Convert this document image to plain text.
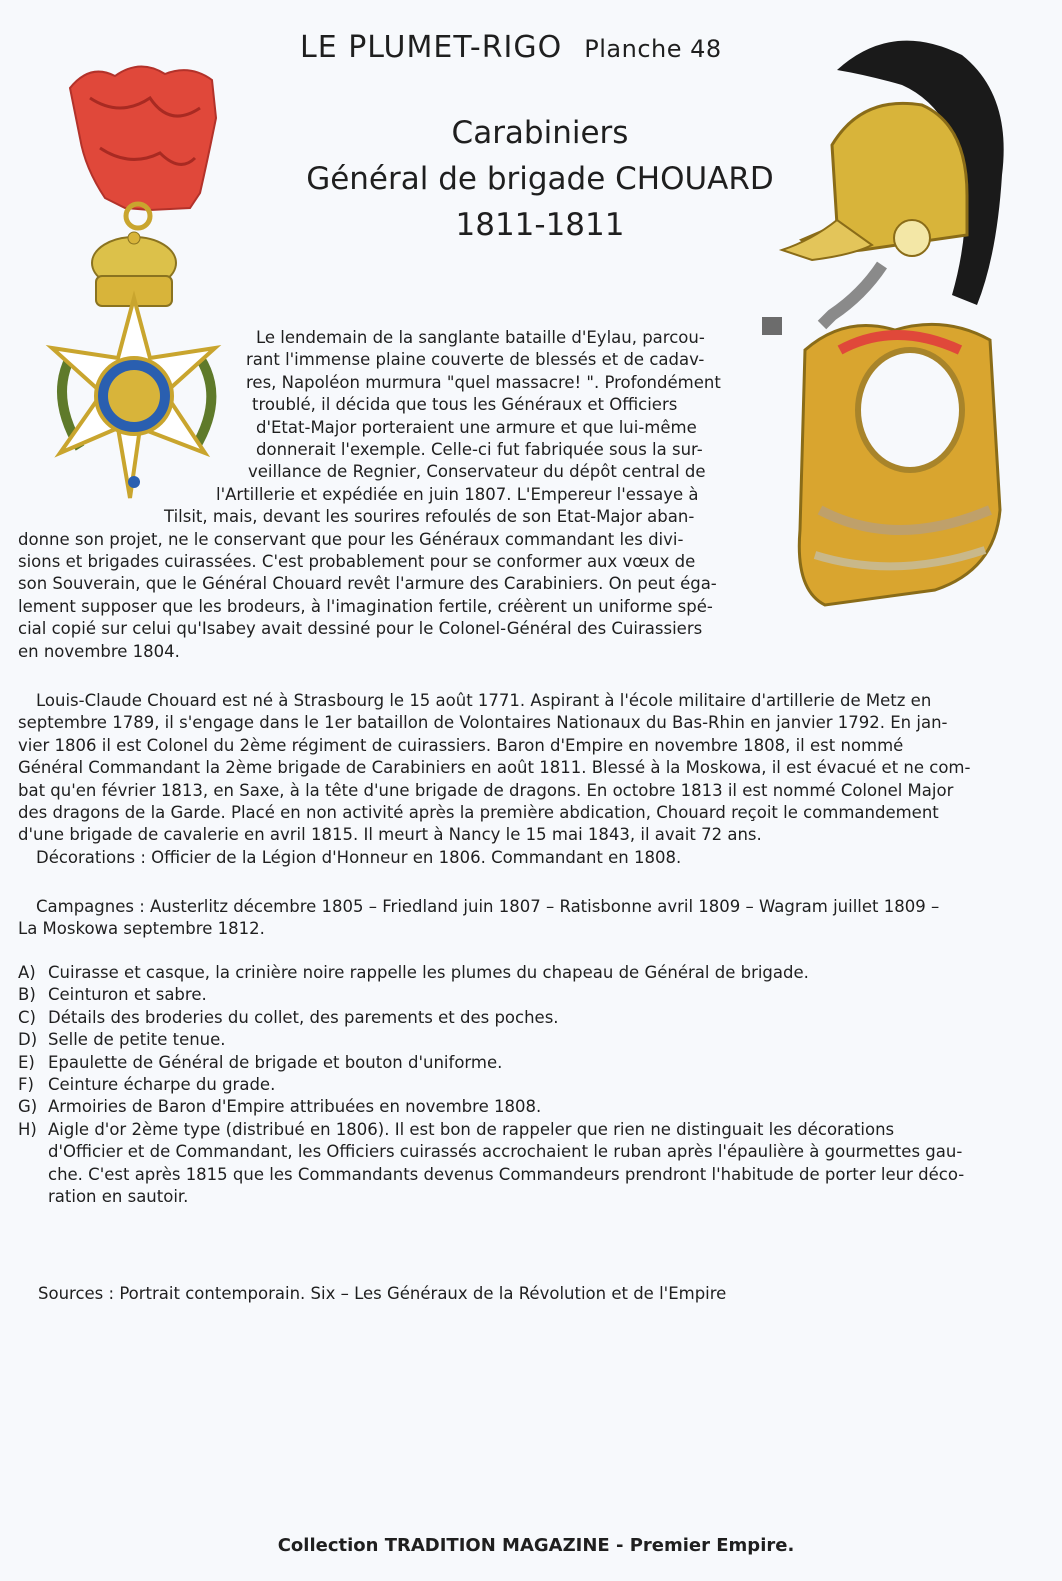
LE PLUMET-RIGO Planche 48
Carabiniers
Général de brigade CHOUARD
1811-1811
Le lendemain de la sanglante bataille d'Eylau, parcou-
rant l'immense plaine couverte de blessés et de cadav-
res, Napoléon murmura "quel massacre! ". Profondément
troublé, il décida que tous les Généraux et Officiers
d'Etat-Major porteraient une armure et que lui-même
donnerait l'exemple. Celle-ci fut fabriquée sous la sur-
veillance de Regnier, Conservateur du dépôt central de
l'Artillerie et expédiée en juin 1807. L'Empereur l'essaye à
Tilsit, mais, devant les sourires refoulés de son Etat-Major aban-
donne son projet, ne le conservant que pour les Généraux commandant les divi-
sions et brigades cuirassées. C'est probablement pour se conformer aux vœux de
son Souverain, que le Général Chouard revêt l'armure des Carabiniers. On peut éga-
lement supposer que les brodeurs, à l'imagination fertile, créèrent un uniforme spé-
cial copié sur celui qu'Isabey avait dessiné pour le Colonel-Général des Cuirassiers
en novembre 1804.
Louis-Claude Chouard est né à Strasbourg le 15 août 1771. Aspirant à l'école militaire d'artillerie de Metz en
septembre 1789, il s'engage dans le 1er bataillon de Volontaires Nationaux du Bas-Rhin en janvier 1792. En jan-
vier 1806 il est Colonel du 2ème régiment de cuirassiers. Baron d'Empire en novembre 1808, il est nommé
Général Commandant la 2ème brigade de Carabiniers en août 1811. Blessé à la Moskowa, il est évacué et ne com-
bat qu'en février 1813, en Saxe, à la tête d'une brigade de dragons. En octobre 1813 il est nommé Colonel Major
des dragons de la Garde. Placé en non activité après la première abdication, Chouard reçoit le commandement
d'une brigade de cavalerie en avril 1815. Il meurt à Nancy le 15 mai 1843, il avait 72 ans.
Décorations : Officier de la Légion d'Honneur en 1806. Commandant en 1808.
Campagnes : Austerlitz décembre 1805 – Friedland juin 1807 – Ratisbonne avril 1809 – Wagram juillet 1809 –
La Moskowa septembre 1812.
A) Cuirasse et casque, la crinière noire rappelle les plumes du chapeau de Général de brigade.
B) Ceinturon et sabre.
C) Détails des broderies du collet, des parements et des poches.
D) Selle de petite tenue.
E) Epaulette de Général de brigade et bouton d'uniforme.
F) Ceinture écharpe du grade.
G) Armoiries de Baron d'Empire attribuées en novembre 1808.
H) Aigle d'or 2ème type (distribué en 1806). Il est bon de rappeler que rien ne distinguait les décorations
d'Officier et de Commandant, les Officiers cuirassés accrochaient le ruban après l'épaulière à gourmettes gau-
che. C'est après 1815 que les Commandants devenus Commandeurs prendront l'habitude de porter leur déco-
ration en sautoir.
Sources : Portrait contemporain. Six – Les Généraux de la Révolution et de l'Empire
Collection TRADITION MAGAZINE - Premier Empire.
